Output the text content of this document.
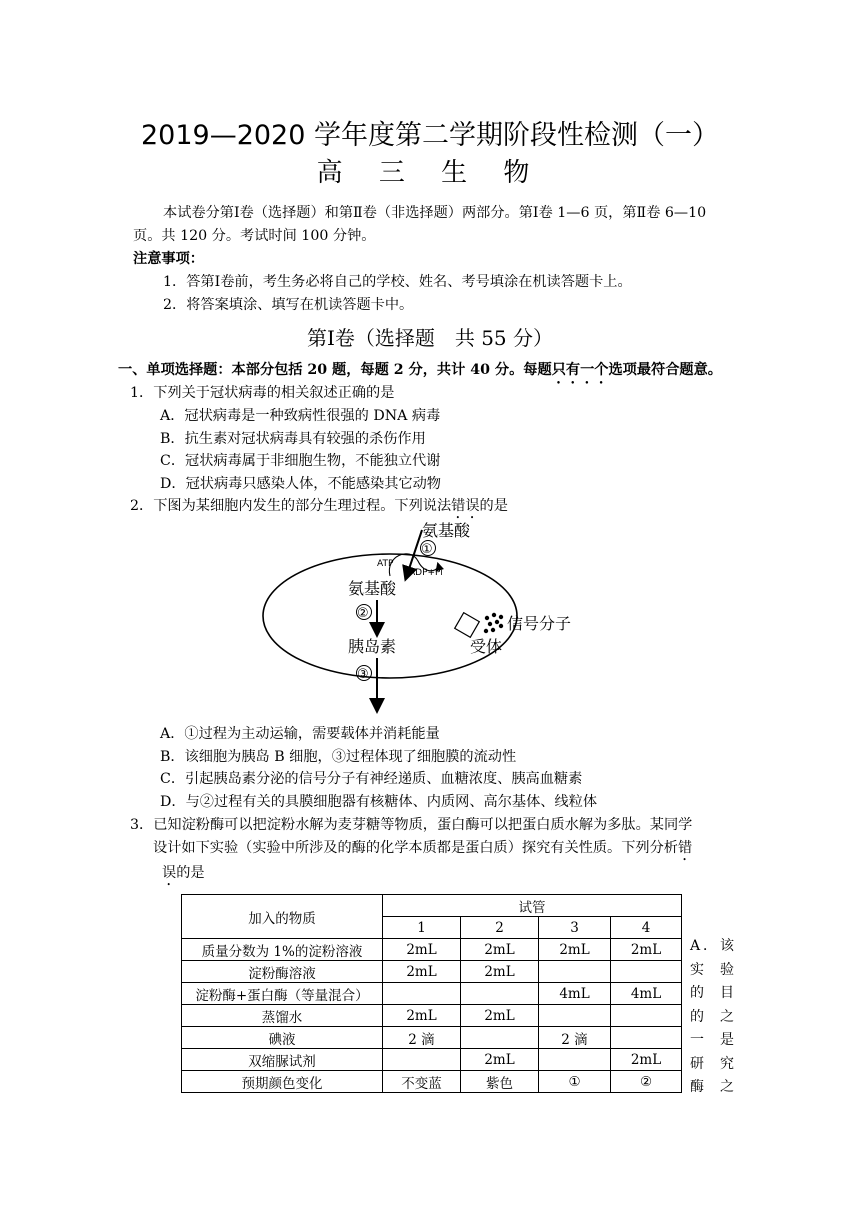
2019—2020 学年度第二学期阶段性检测（一）
高 三 生 物
本试卷分第Ⅰ卷（选择题）和第Ⅱ卷（非选择题）两部分。第Ⅰ卷 1—6 页，第Ⅱ卷 6—10
页。共 120 分。考试时间 100 分钟。
注意事项：
1．答第Ⅰ卷前，考生务必将自己的学校、姓名、考号填涂在机读答题卡上。
2．将答案填涂、填写在机读答题卡中。
第Ⅰ卷（选择题　共 55 分）
一、单项选择题：本部分包括 20 题，每题 2 分，共计 40 分。每题只有一个选项最符合题意。
1．下列关于冠状病毒的相关叙述正确的是
A．冠状病毒是一种致病性很强的 DNA 病毒
B．抗生素对冠状病毒具有较强的杀伤作用
C．冠状病毒属于非细胞生物，不能独立代谢
D．冠状病毒只感染人体，不能感染其它动物
2．下图为某细胞内发生的部分生理过程。下列说法错误的是
氨基酸
①
ATP
ADP+Pi
氨基酸
②
胰岛素
③
信号分子
受体
A．①过程为主动运输，需要载体并消耗能量
B．该细胞为胰岛 B 细胞，③过程体现了细胞膜的流动性
C．引起胰岛素分泌的信号分子有神经递质、血糖浓度、胰高血糖素
D．与②过程有关的具膜细胞器有核糖体、内质网、高尔基体、线粒体
3．已知淀粉酶可以把淀粉水解为麦芽糖等物质，蛋白酶可以把蛋白质水解为多肽。某同学
设计如下实验（实验中所涉及的酶的化学本质都是蛋白质）探究有关性质。下列分析错
误的是
加入的物质	试管			
	1	2	3	4
质量分数为 1%的淀粉溶液	2mL	2mL	2mL	2mL
淀粉酶溶液	2mL	2mL		
淀粉酶+蛋白酶（等量混合）			4mL	4mL
蒸馏水	2mL	2mL		
碘液	2 滴		2 滴	
双缩脲试剂		2mL		2mL
预期颜色变化	不变蓝	紫色	①	②
A．该
实 验
的 目
的 之
一 是
研 究
酶 之
